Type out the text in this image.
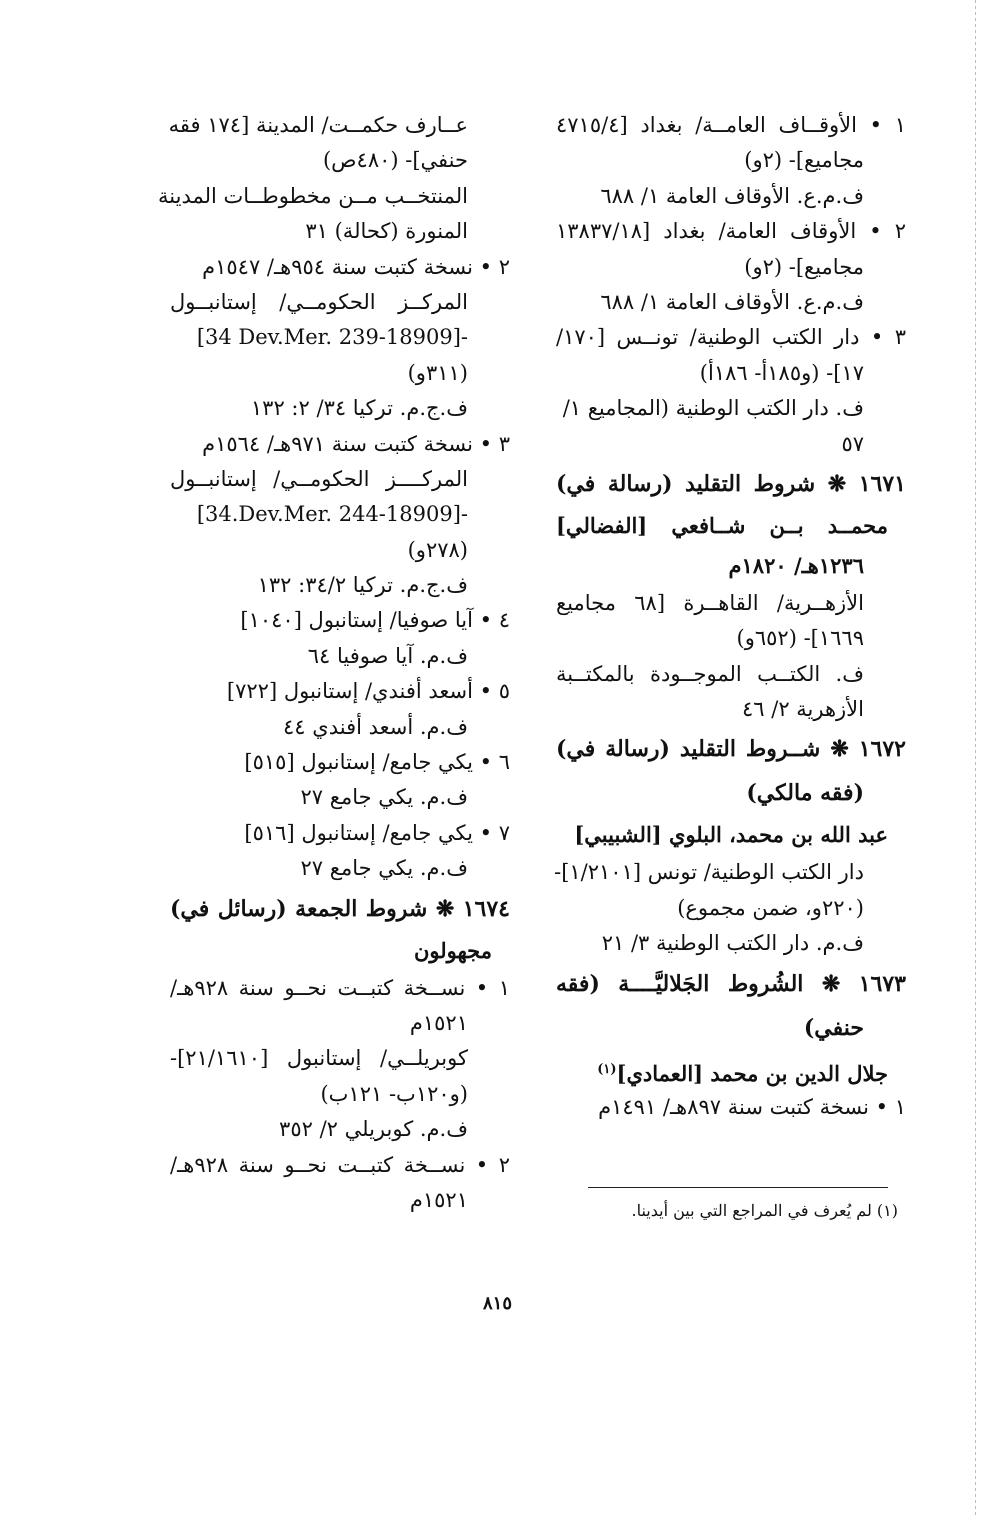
١ • الأوقــاف العامــة/ بغداد [٤٧١٥/٤
مجاميع]- (٢و)
ف.م.ع. الأوقاف العامة ١/ ٦٨٨
٢ • الأوقاف العامة/ بغداد [١٣٨٣٧/١٨
مجاميع]- (٢و)
ف.م.ع. الأوقاف العامة ١/ ٦٨٨
٣ • دار الكتب الوطنية/ تونــس [١٧٠/
١٧]- (و١٨٥أ- ١٨٦أ)
ف. دار الكتب الوطنية (المجاميع ١/
٥٧
١٦٧١ ❋ شروط التقليد (رسالة في)
محمــد بــن شــافعي [الفضالي]
١٢٣٦هـ/ ١٨٢٠م
الأزهــرية/ القاهــرة [٦٨ مجاميع
١٦٦٩]- (٦٥٢و)
ف. الكتــب الموجــودة بالمكتــبة
الأزهرية ٢/ ٤٦
١٦٧٢ ❋ شــروط التقليد (رسالة في)
(فقه مالكي)
عبد الله بن محمد، البلوي [الشبيبي]
دار الكتب الوطنية/ تونس [١/٢١٠١]-
(٢٢٠و، ضمن مجموع)
ف.م. دار الكتب الوطنية ٣/ ٢١
١٦٧٣ ❋ الشُروط الجَلاليَّــــة (فقه
حنفي)
جلال الدين بن محمد [العمادي]$^{(١)}$
١ • نسخة كتبت سنة ٨٩٧هـ/ ١٤٩١م
عــارف حكمــت/ المدينة [١٧٤ فقه
حنفي]- (٤٨٠ص)
المنتخــب مــن مخطوطــات المدينة
المنورة (كحالة) ٣١
٢ • نسخة كتبت سنة ٩٥٤هـ/ ١٥٤٧م
المركــز الحكومــي/ إستانبــول
[34 Dev.Mer. 239-18909]-
(٣١١و)
ف.ج.م. تركيا ٣٤/ ٢: ١٣٢
٣ • نسخة كتبت سنة ٩٧١هـ/ ١٥٦٤م
المركــــز الحكومــي/ إستانبــول
[34.Dev.Mer. 244-18909]-
(٢٧٨و)
ف.ج.م. تركيا ٣٤/٢: ١٣٢
٤ • آيا صوفيا/ إستانبول [١٠٤٠]
ف.م. آيا صوفيا ٦٤
٥ • أسعد أفندي/ إستانبول [٧٢٢]
ف.م. أسعد أفندي ٤٤
٦ • يكي جامع/ إستانبول [٥١٥]
ف.م. يكي جامع ٢٧
٧ • يكي جامع/ إستانبول [٥١٦]
ف.م. يكي جامع ٢٧
١٦٧٤ ❋ شروط الجمعة (رسائل في)
مجهولون
١ • نســخة كتبــت نحــو سنة ٩٢٨هـ/
١٥٢١م
كوبريلــي/ إستانبول [٢١/١٦١٠]-
(و١٢٠ب- ١٢١ب)
ف.م. كوبريلي ٢/ ٣٥٢
٢ • نســخة كتبــت نحــو سنة ٩٢٨هـ/
١٥٢١م	(١) لم يُعرف في المراجع التي بين أيدينا.
٨١٥
